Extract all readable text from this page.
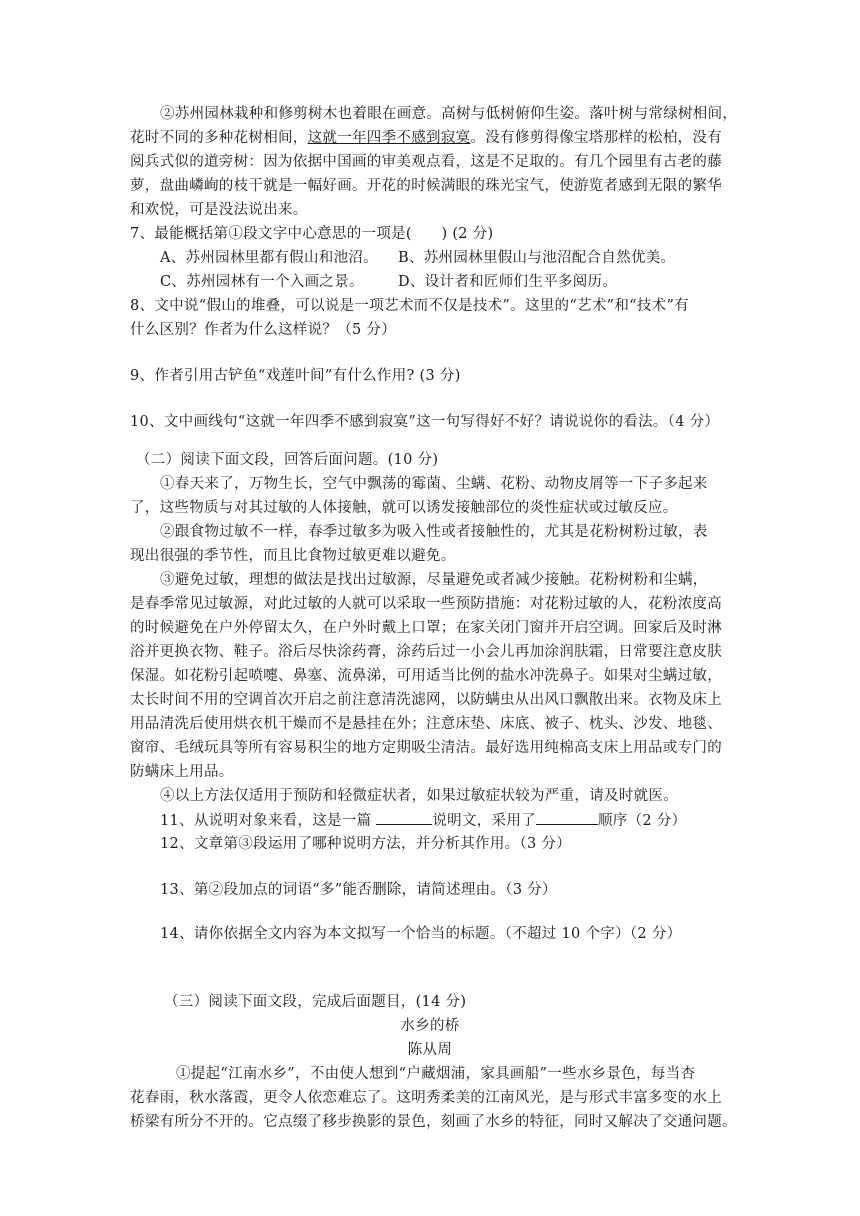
②苏州园林栽种和修剪树木也着眼在画意。高树与低树俯仰生姿。落叶树与常绿树相间，
花时不同的多种花树相间，这就一年四季不感到寂寞。没有修剪得像宝塔那样的松柏，没有
阅兵式似的道旁树：因为依据中国画的审美观点看，这是不足取的。有几个园里有古老的藤
萝，盘曲嶙峋的枝干就是一幅好画。开花的时候满眼的珠光宝气，使游览者感到无限的繁华
和欢悦，可是没法说出来。
7、最能概括第①段文字中心意思的一项是(　　) (2 分)
A、苏州园林里都有假山和池沼。 B、苏州园林里假山与池沼配合自然优美。
C、苏州园林有一个入画之景。 D、设计者和匠师们生平多阅历。
8、文中说“假山的堆叠，可以说是一项艺术而不仅是技术”。这里的“艺术”和“技术”有
什么区别？作者为什么这样说？（5 分）
9、作者引用古铲鱼“戏莲叶间”有什么作用? (3 分)
10、文中画线句“这就一年四季不感到寂寞”这一句写得好不好？请说说你的看法。（4 分）
（二）阅读下面文段，回答后面问题。(10 分)
①春天来了，万物生长，空气中飘荡的霉菌、尘螨、花粉、动物皮屑等一下子多起来
了，这些物质与对其过敏的人体接触，就可以诱发接触部位的炎性症状或过敏反应。
②跟食物过敏不一样，春季过敏多为吸入性或者接触性的，尤其是花粉树粉过敏，表
现出很强的季节性，而且比食物过敏更难以避免。
③避免过敏，理想的做法是找出过敏源，尽量避免或者减少接触。花粉树粉和尘螨，
是春季常见过敏源，对此过敏的人就可以采取一些预防措施：对花粉过敏的人，花粉浓度高
的时候避免在户外停留太久，在户外时戴上口罩；在家关闭门窗并开启空调。回家后及时淋
浴并更换衣物、鞋子。浴后尽快涂药膏，涂药后过一小会儿再加涂润肤霜，日常要注意皮肤
保湿。如花粉引起喷嚏、鼻塞、流鼻涕，可用适当比例的盐水冲洗鼻子。如果对尘螨过敏，
太长时间不用的空调首次开启之前注意清洗滤网，以防螨虫从出风口飘散出来。衣物及床上
用品清洗后使用烘衣机干燥而不是悬挂在外；注意床垫、床底、被子、枕头、沙发、地毯、
窗帘、毛绒玩具等所有容易积尘的地方定期吸尘清洁。最好选用纯棉高支床上用品或专门的
防螨床上用品。
④以上方法仅适用于预防和轻微症状者，如果过敏症状较为严重，请及时就医。
11、从说明对象来看，这是一篇	说明文，采用了	顺序（2 分）
12、文章第③段运用了哪种说明方法，并分析其作用。（3 分）
13、第②段加点的词语“多”能否删除，请简述理由。（3 分）
14、请你依据全文内容为本文拟写一个恰当的标题。（不超过 10 个字）（2 分）
（三）阅读下面文段，完成后面题目，(14 分)
水乡的桥
陈从周
①提起“江南水乡”，不由使人想到“户藏烟浦，家具画船”一些水乡景色，每当杏
花春雨，秋水落霞，更令人依恋难忘了。这明秀柔美的江南风光，是与形式丰富多变的水上
桥梁有所分不开的。它点缀了移步换影的景色，刻画了水乡的特征，同时又解决了交通问题。
